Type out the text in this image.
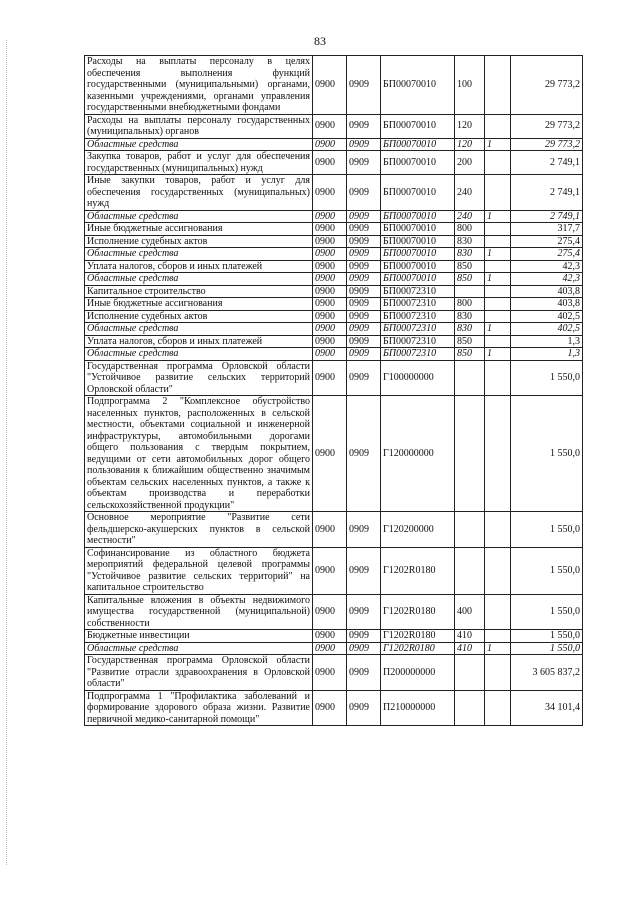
83
Расходы на выплаты персоналу в целях обеспечения выполнения функций государственными (муниципальными) органами, казенными учреждениями, органами управления государственными внебюджетными фондами	0900	0909	БП00070010	100		29 773,2
Расходы на выплаты персоналу государственных (муниципальных) органов	0900	0909	БП00070010	120		29 773,2
Областные средства	0900	0909	БП00070010	120	1	29 773,2
Закупка товаров, работ и услуг для обеспечения государственных (муниципальных) нужд	0900	0909	БП00070010	200		2 749,1
Иные закупки товаров, работ и услуг для обеспечения государственных (муниципальных) нужд	0900	0909	БП00070010	240		2 749,1
Областные средства	0900	0909	БП00070010	240	1	2 749,1
Иные бюджетные ассигнования	0900	0909	БП00070010	800		317,7
Исполнение судебных актов	0900	0909	БП00070010	830		275,4
Областные средства	0900	0909	БП00070010	830	1	275,4
Уплата налогов, сборов и иных платежей	0900	0909	БП00070010	850		42,3
Областные средства	0900	0909	БП00070010	850	1	42,3
Капитальное строительство	0900	0909	БП00072310			403,8
Иные бюджетные ассигнования	0900	0909	БП00072310	800		403,8
Исполнение судебных актов	0900	0909	БП00072310	830		402,5
Областные средства	0900	0909	БП00072310	830	1	402,5
Уплата налогов, сборов и иных платежей	0900	0909	БП00072310	850		1,3
Областные средства	0900	0909	БП00072310	850	1	1,3
Государственная программа Орловской области "Устойчивое развитие сельских территорий Орловской области"	0900	0909	Г100000000			1 550,0
Подпрограмма 2 "Комплексное обустройство населенных пунктов, расположенных в сельской местности, объектами социальной и инженерной инфраструктуры, автомобильными дорогами общего пользования с твердым покрытием, ведущими от сети автомобильных дорог общего пользования к ближайшим общественно значимым объектам сельских населенных пунктов, а также к объектам производства и переработки сельскохозяйственной продукции"	0900	0909	Г120000000			1 550,0
Основное мероприятие "Развитие сети фельдшерско-акушерских пунктов в сельской местности"	0900	0909	Г120200000			1 550,0
Софинансирование из областного бюджета мероприятий федеральной целевой программы "Устойчивое развитие сельских территорий" на капитальное строительство	0900	0909	Г1202R0180			1 550,0
Капитальные вложения в объекты недвижимого имущества государственной (муниципальной) собственности	0900	0909	Г1202R0180	400		1 550,0
Бюджетные инвестиции	0900	0909	Г1202R0180	410		1 550,0
Областные средства	0900	0909	Г1202R0180	410	1	1 550,0
Государственная программа Орловской области "Развитие отрасли здравоохранения в Орловской области"	0900	0909	П200000000			3 605 837,2
Подпрограмма 1 "Профилактика заболеваний и формирование здорового образа жизни. Развитие первичной медико-санитарной помощи"	0900	0909	П210000000			34 101,4
